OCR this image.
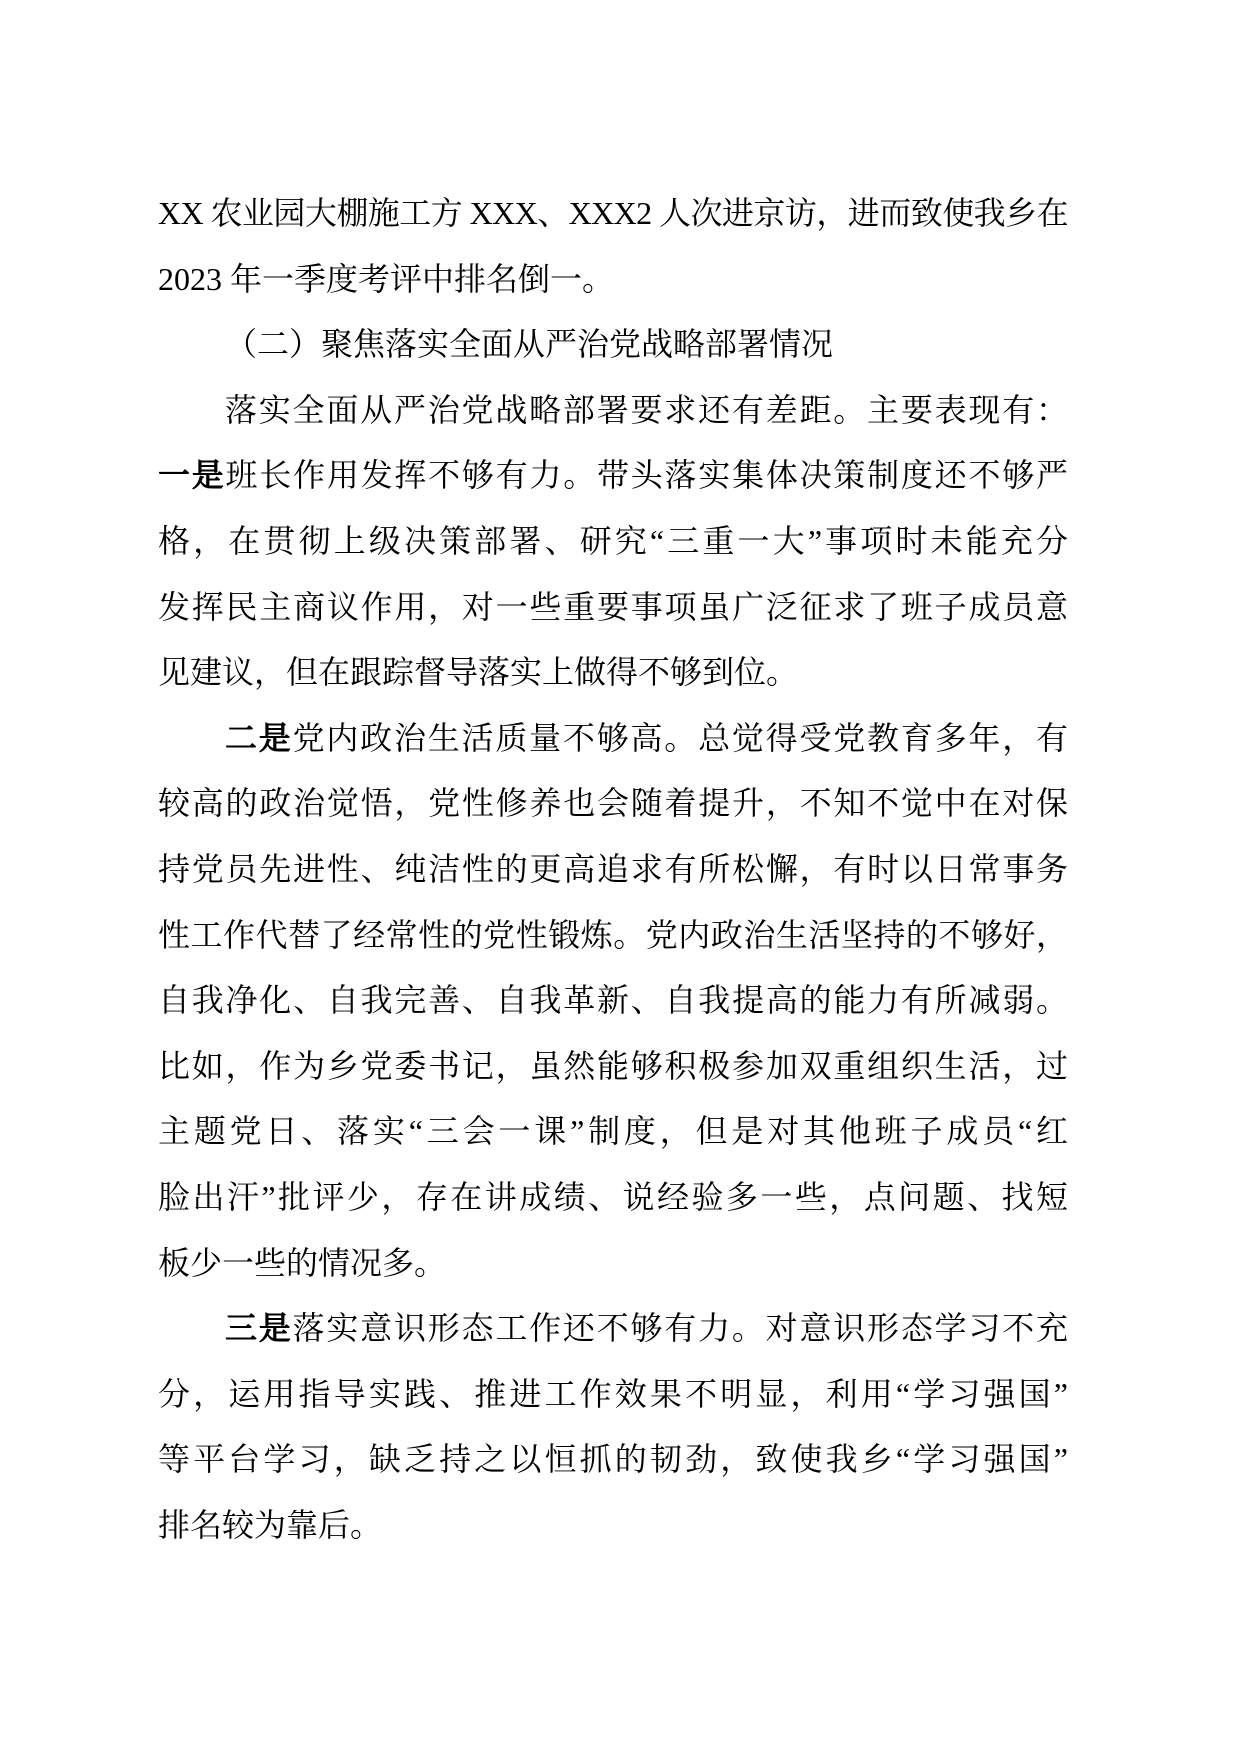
XX 农业园大棚施工方 XXX、XXX2 人次进京访，进而致使我乡在
2023 年一季度考评中排名倒一。
（二）聚焦落实全面从严治党战略部署情况
落实全面从严治党战略部署要求还有差距。主要表现有：
一是班长作用发挥不够有力。带头落实集体决策制度还不够严
格，在贯彻上级决策部署、研究“三重一大”事项时未能充分
发挥民主商议作用，对一些重要事项虽广泛征求了班子成员意
见建议，但在跟踪督导落实上做得不够到位。
二是党内政治生活质量不够高。总觉得受党教育多年，有
较高的政治觉悟，党性修养也会随着提升，不知不觉中在对保
持党员先进性、纯洁性的更高追求有所松懈，有时以日常事务
性工作代替了经常性的党性锻炼。党内政治生活坚持的不够好，
自我净化、自我完善、自我革新、自我提高的能力有所减弱。
比如，作为乡党委书记，虽然能够积极参加双重组织生活，过
主题党日、落实“三会一课”制度，但是对其他班子成员“红
脸出汗”批评少，存在讲成绩、说经验多一些，点问题、找短
板少一些的情况多。
三是落实意识形态工作还不够有力。对意识形态学习不充
分，运用指导实践、推进工作效果不明显，利用“学习强国”
等平台学习，缺乏持之以恒抓的韧劲，致使我乡“学习强国”
排名较为靠后。
